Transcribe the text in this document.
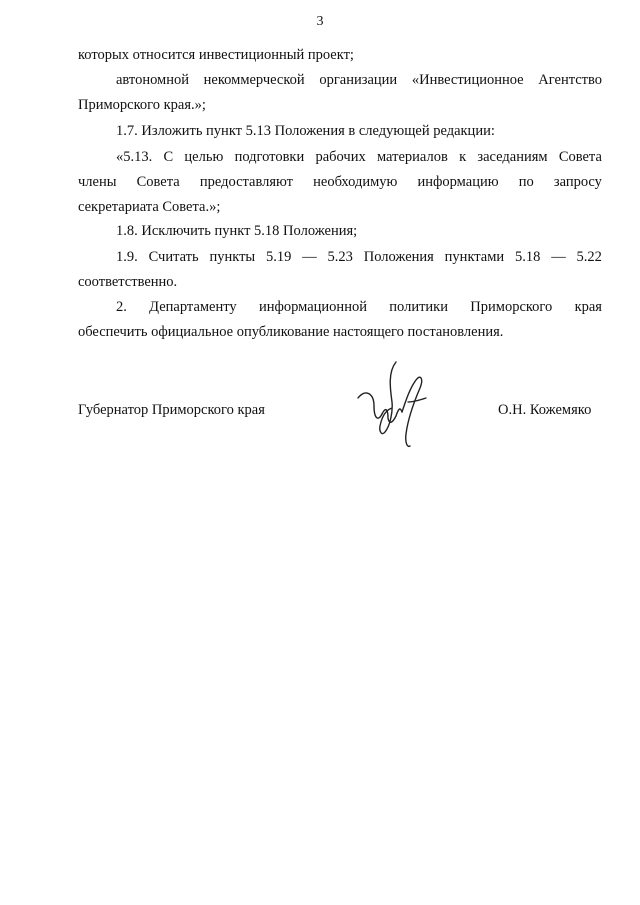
3
которых относится инвестиционный проект;
автономной некоммерческой организации «Инвестиционное Агентство
Приморского края.»;
1.7. Изложить пункт 5.13 Положения в следующей редакции:
«5.13. С целью подготовки рабочих материалов к заседаниям Совета
члены Совета предоставляют необходимую информацию по запросу
секретариата Совета.»;
1.8. Исключить пункт 5.18 Положения;
1.9. Считать пункты 5.19 — 5.23 Положения пунктами 5.18 — 5.22
соответственно.
2. Департаменту информационной политики Приморского края
обеспечить официальное опубликование настоящего постановления.
Губернатор Приморского края	О.Н. Кожемяко
